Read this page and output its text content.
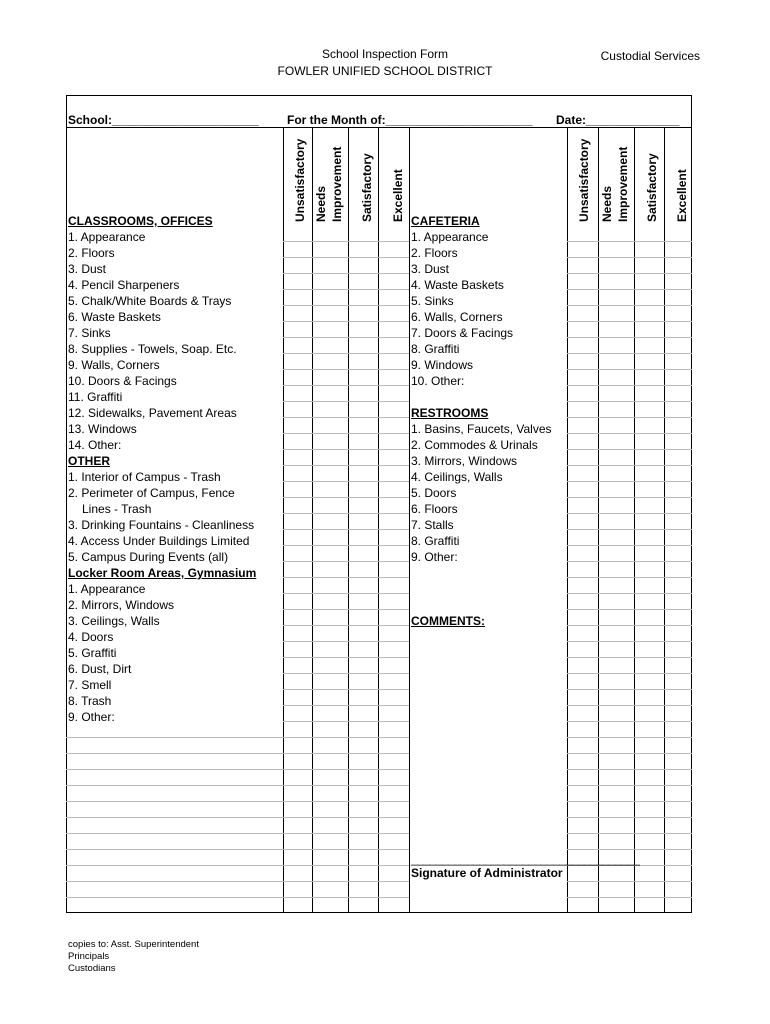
School Inspection Form
FOWLER UNIFIED SCHOOL DISTRICT
Custodial Services
School:______________________ For the Month of:______________________ Date:______________
Unsatisfactory Needs Improvement Satisfactory Excellent	Unsatisfactory Needs Improvement Satisfactory Excellent
CLASSROOMS, OFFICES
1. Appearance
2. Floors
3. Dust
4. Pencil Sharpeners
5. Chalk/White Boards & Trays
6. Waste Baskets
7. Sinks
8. Supplies - Towels, Soap. Etc.
9. Walls, Corners
10. Doors & Facings
11. Graffiti
12. Sidewalks, Pavement Areas
13. Windows
14. Other:
OTHER
1. Interior of Campus - Trash
2. Perimeter of Campus, Fence
Lines - Trash
3. Drinking Fountains - Cleanliness
4. Access Under Buildings Limited
5. Campus During Events (all)
Locker Room Areas, Gymnasium
1. Appearance
2. Mirrors, Windows
3. Ceilings, Walls
4. Doors
5. Graffiti
6. Dust, Dirt
7. Smell
8. Trash
9. Other:
CAFETERIA
1. Appearance
2. Floors
3. Dust
4. Waste Baskets
5. Sinks
6. Walls, Corners
7. Doors & Facings
8. Graffiti
9. Windows
10. Other:
RESTROOMS
1. Basins, Faucets, Valves
2. Commodes & Urinals
3. Mirrors, Windows
4. Ceilings, Walls
5. Doors
6. Floors
7. Stalls
8. Graffiti
9. Other:
COMMENTS:
_____________________________________
Signature of Administrator
copies to: Asst. Superintendent
Principals
Custodians
